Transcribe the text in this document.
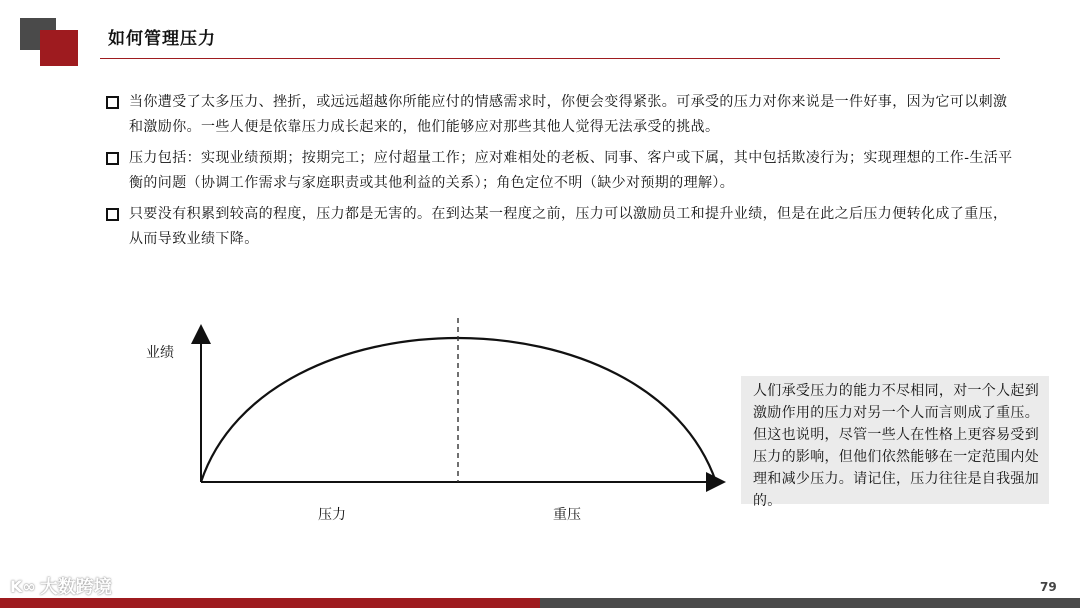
如何管理压力
当你遭受了太多压力、挫折，或远远超越你所能应付的情感需求时，你便会变得紧张。可承受的压力对你来说是一件好事，因为它可以刺激和激励你。一些人便是依靠压力成长起来的，他们能够应对那些其他人觉得无法承受的挑战。
压力包括：实现业绩预期；按期完工；应付超量工作；应对难相处的老板、同事、客户或下属，其中包括欺凌行为；实现理想的工作-生活平衡的问题（协调工作需求与家庭职责或其他利益的关系）；角色定位不明（缺少对预期的理解）。
只要没有积累到较高的程度，压力都是无害的。在到达某一程度之前，压力可以激励员工和提升业绩，但是在此之后压力便转化成了重压，从而导致业绩下降。
业绩
压力	重压
人们承受压力的能力不尽相同，对一个人起到激励作用的压力对另一个人而言则成了重压。但这也说明，尽管一些人在性格上更容易受到压力的影响，但他们依然能够在一定范围内处理和减少压力。请记住，压力往往是自我强加的。
K∞ 大数跨境	79
